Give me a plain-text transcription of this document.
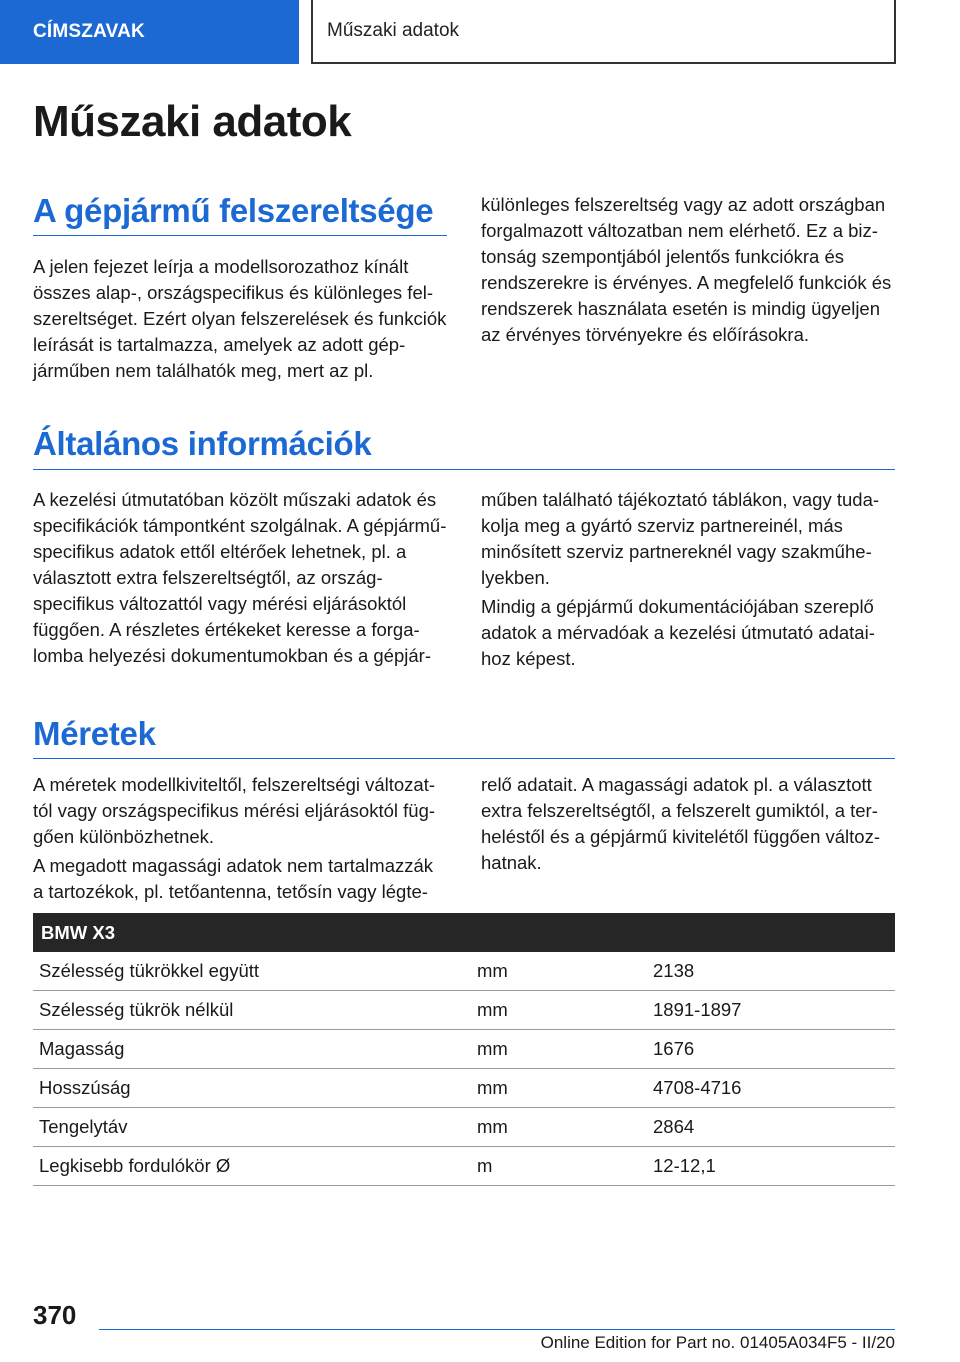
CÍMSZAVAK	Műszaki adatok
Műszaki adatok
A gépjármű felszereltsége

A jelen fejezet leírja a modellsorozathoz kínált összes alap-, országspecifikus és különleges felszereltséget. Ezért olyan felszerelések és funkciók leírását is tartalmazza, amelyek az adott gépjárműben nem találhatók meg, mert az pl.

különleges felszereltség vagy az adott országban forgalmazott változatban nem elérhető. Ez a biztonság szempontjából jelentős funkciókra és rendszerekre is érvényes. A megfelelő funkciók és rendszerek használata esetén is mindig ügyeljen az érvényes törvényekre és előírásokra.

Általános információk

A kezelési útmutatóban közölt műszaki adatok és specifikációk támpontként szolgálnak. A gépjármű-specifikus adatok ettől eltérőek lehetnek, pl. a választott extra felszereltségtől, az országspecifikus változattól vagy mérési eljárásoktól függően. A részletes értékeket keresse a forgalomba helyezési dokumentumokban és a gépjár-

műben található tájékoztató táblákon, vagy tudakolja meg a gyártó szerviz partnereinél, más minősített szerviz partnereknél vagy szakműhelyekben.

Mindig a gépjármű dokumentációjában szereplő adatok a mérvadóak a kezelési útmutató adataihoz képest.

Méretek

A méretek modellkiviteltől, felszereltségi változattól vagy országspecifikus mérési eljárásoktól függően különbözhetnek.

A megadott magassági adatok nem tartalmazzák a tartozékok, pl. tetőantenna, tetősín vagy légte-

relő adatait. A magassági adatok pl. a választott extra felszereltségtől, a felszerelt gumiktól, a terheléstől és a gépjármű kivitelétől függően változhatnak.

BMW X3		
Szélesség tükrökkel együtt	mm	2138
Szélesség tükrök nélkül	mm	1891-1897
Magasság	mm	1676
Hosszúság	mm	4708-4716
Tengelytáv	mm	2864
Legkisebb fordulókör Ø	m	12-12,1
370
Online Edition for Part no. 01405A034F5 - II/20
